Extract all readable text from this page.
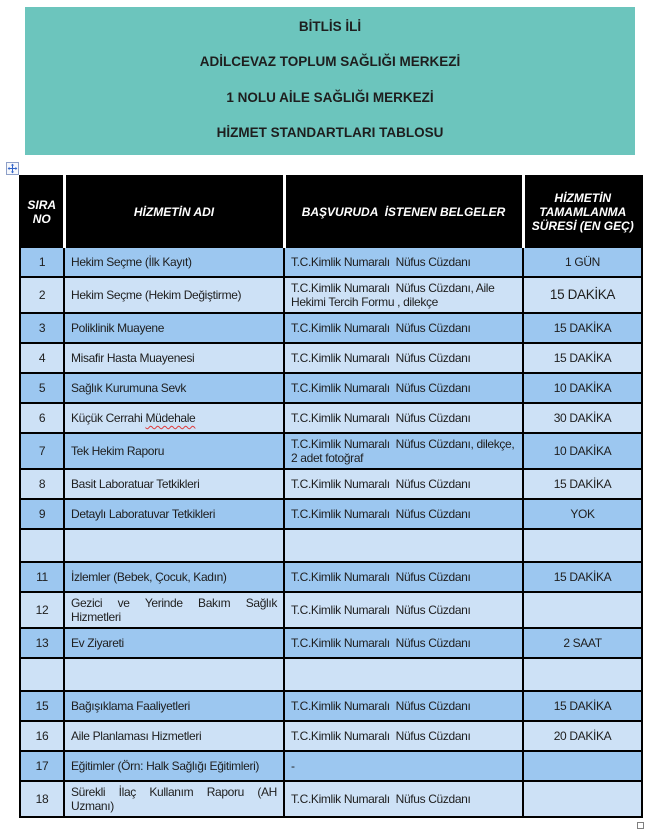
BİTLİS İLİ
ADİLCEVAZ TOPLUM SAĞLIĞI MERKEZİ
1 NOLU AİLE SAĞLIĞI MERKEZİ
HİZMET STANDARTLARI TABLOSU
SIRA NO	HİZMETİN ADI	BAŞVURUDA  İSTENEN BELGELER	HİZMETİN TAMAMLANMA SÜRESİ (EN GEÇ)
1	Hekim Seçme (İlk Kayıt)	T.C.Kimlik Numaralı  Nüfus Cüzdanı	1 GÜN
2	Hekim Seçme (Hekim Değiştirme)	T.C.Kimlik Numaralı  Nüfus Cüzdanı, Aile Hekimi Tercih Formu , dilekçe	15 DAKİKA
3	Poliklinik Muayene	T.C.Kimlik Numaralı  Nüfus Cüzdanı	15 DAKİKA
4	Misafir Hasta Muayenesi	T.C.Kimlik Numaralı  Nüfus Cüzdanı	15 DAKİKA
5	Sağlık Kurumuna Sevk	T.C.Kimlik Numaralı  Nüfus Cüzdanı	10 DAKİKA
6	Küçük Cerrahi Müdehale	T.C.Kimlik Numaralı  Nüfus Cüzdanı	30 DAKİKA
7	Tek Hekim Raporu	T.C.Kimlik Numaralı  Nüfus Cüzdanı, dilekçe, 2 adet fotoğraf	10 DAKİKA
8	Basit Laboratuar Tetkikleri	T.C.Kimlik Numaralı  Nüfus Cüzdanı	15 DAKİKA
9	Detaylı Laboratuvar Tetkikleri	T.C.Kimlik Numaralı  Nüfus Cüzdanı	YOK

11	İzlemler (Bebek, Çocuk, Kadın)	T.C.Kimlik Numaralı  Nüfus Cüzdanı	15 DAKİKA
12	Gezici ve Yerinde Bakım Sağlık Hizmetleri	T.C.Kimlik Numaralı  Nüfus Cüzdanı	
13	Ev Ziyareti	T.C.Kimlik Numaralı  Nüfus Cüzdanı	2 SAAT

15	Bağışıklama Faaliyetleri	T.C.Kimlik Numaralı  Nüfus Cüzdanı	15 DAKİKA
16	Aile Planlaması Hizmetleri	T.C.Kimlik Numaralı  Nüfus Cüzdanı	20 DAKİKA
17	Eğitimler (Örn: Halk Sağlığı Eğitimleri)	-	
18	Sürekli İlaç Kullanım Raporu (AH Uzmanı)	T.C.Kimlik Numaralı  Nüfus Cüzdanı	
